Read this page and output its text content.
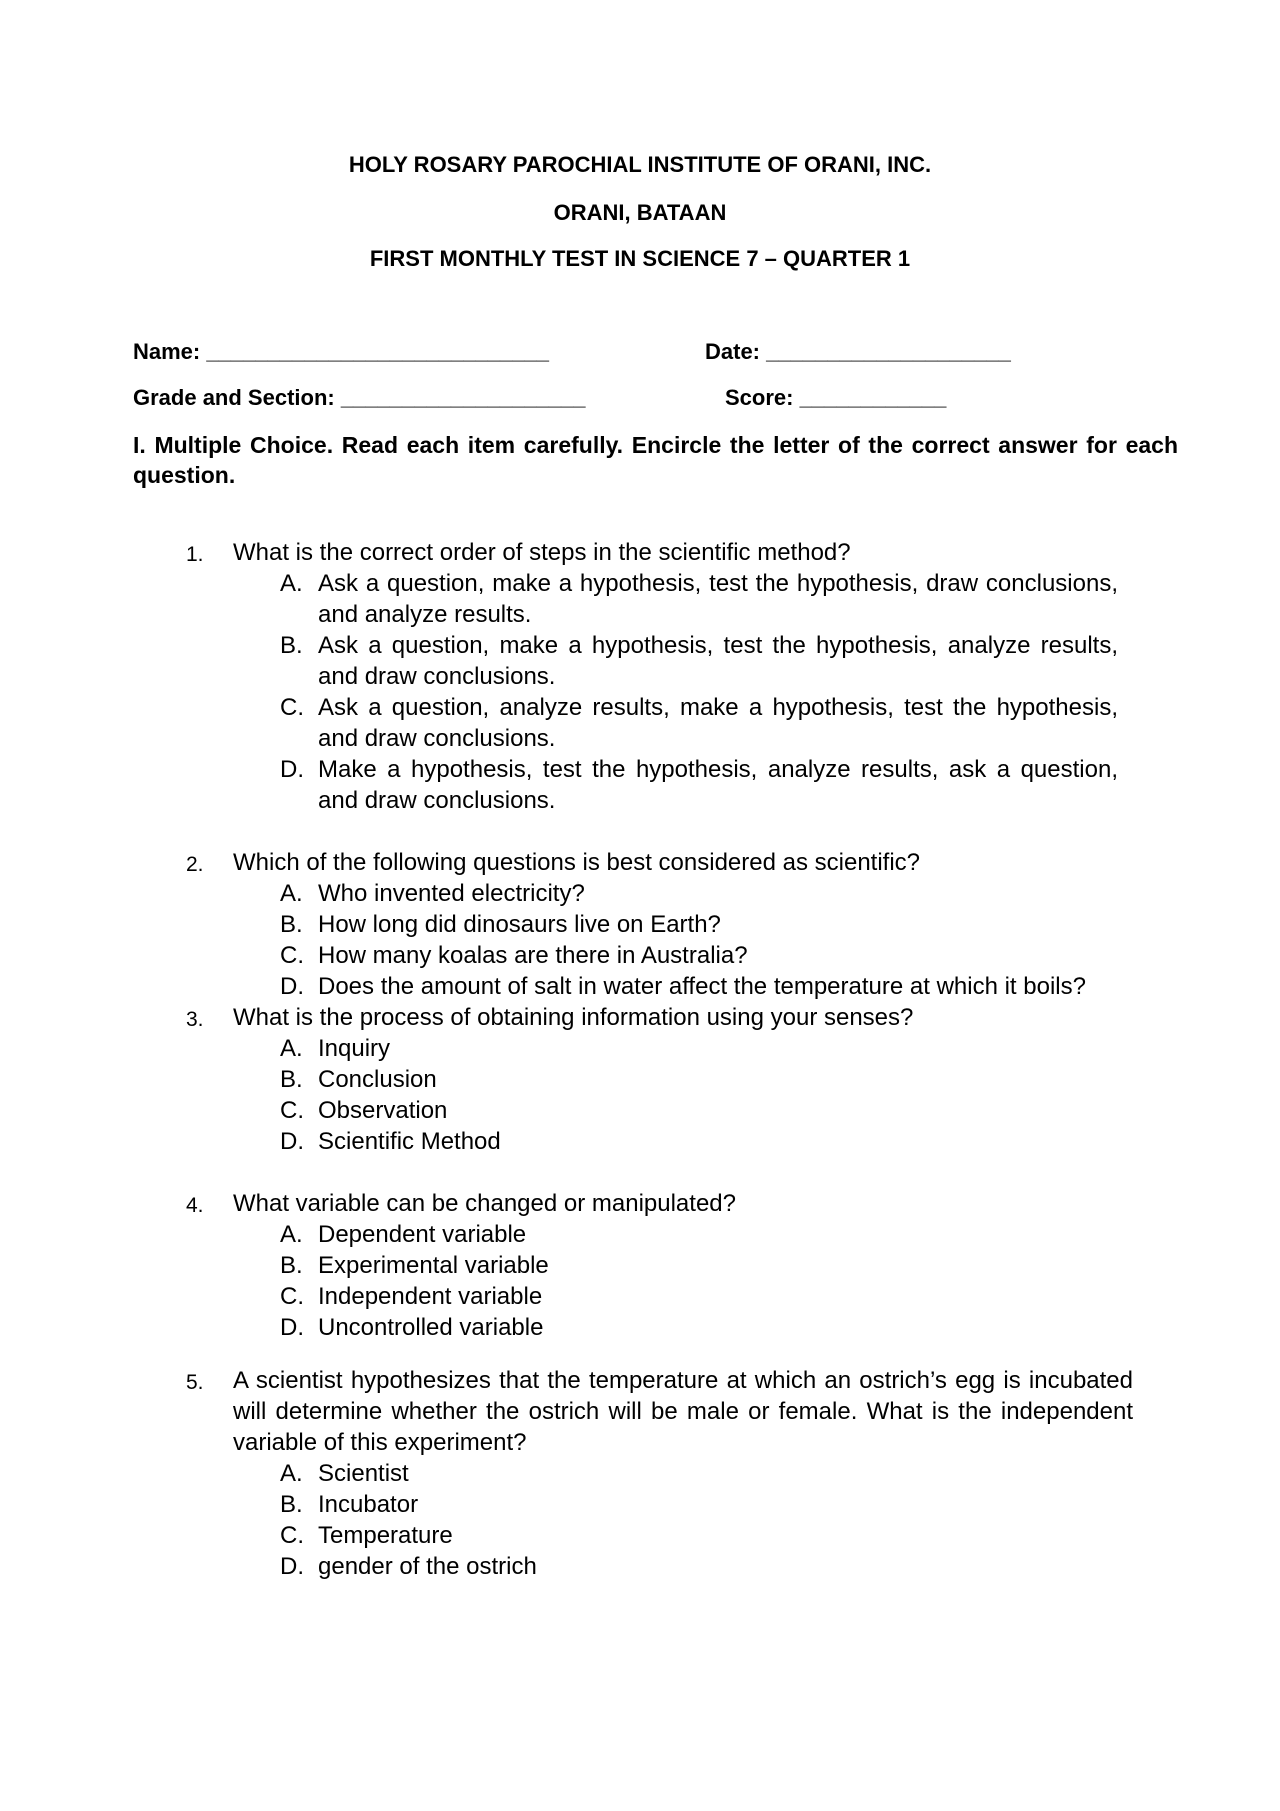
HOLY ROSARY PAROCHIAL INSTITUTE OF ORANI, INC.
ORANI, BATAAN
FIRST MONTHLY TEST IN SCIENCE 7 – QUARTER 1
Name: ____________________________	Date: ____________________
Grade and Section: ____________________	Score: ____________
I. Multiple Choice. Read each item carefully. Encircle the letter of the correct answer for each question.
1. What is the correct order of steps in the scientific method?
A. Ask a question, make a hypothesis, test the hypothesis, draw conclusions, and analyze results.
B. Ask a question, make a hypothesis, test the hypothesis, analyze results, and draw conclusions.
C. Ask a question, analyze results, make a hypothesis, test the hypothesis, and draw conclusions.
D. Make a hypothesis, test the hypothesis, analyze results, ask a question, and draw conclusions.
2. Which of the following questions is best considered as scientific?
A. Who invented electricity?
B. How long did dinosaurs live on Earth?
C. How many koalas are there in Australia?
D. Does the amount of salt in water affect the temperature at which it boils?
3. What is the process of obtaining information using your senses?
A. Inquiry
B. Conclusion
C. Observation
D. Scientific Method
4. What variable can be changed or manipulated?
A. Dependent variable
B. Experimental variable
C. Independent variable
D. Uncontrolled variable
5. A scientist hypothesizes that the temperature at which an ostrich’s egg is incubated will determine whether the ostrich will be male or female. What is the independent variable of this experiment?
A. Scientist
B. Incubator
C. Temperature
D. gender of the ostrich
